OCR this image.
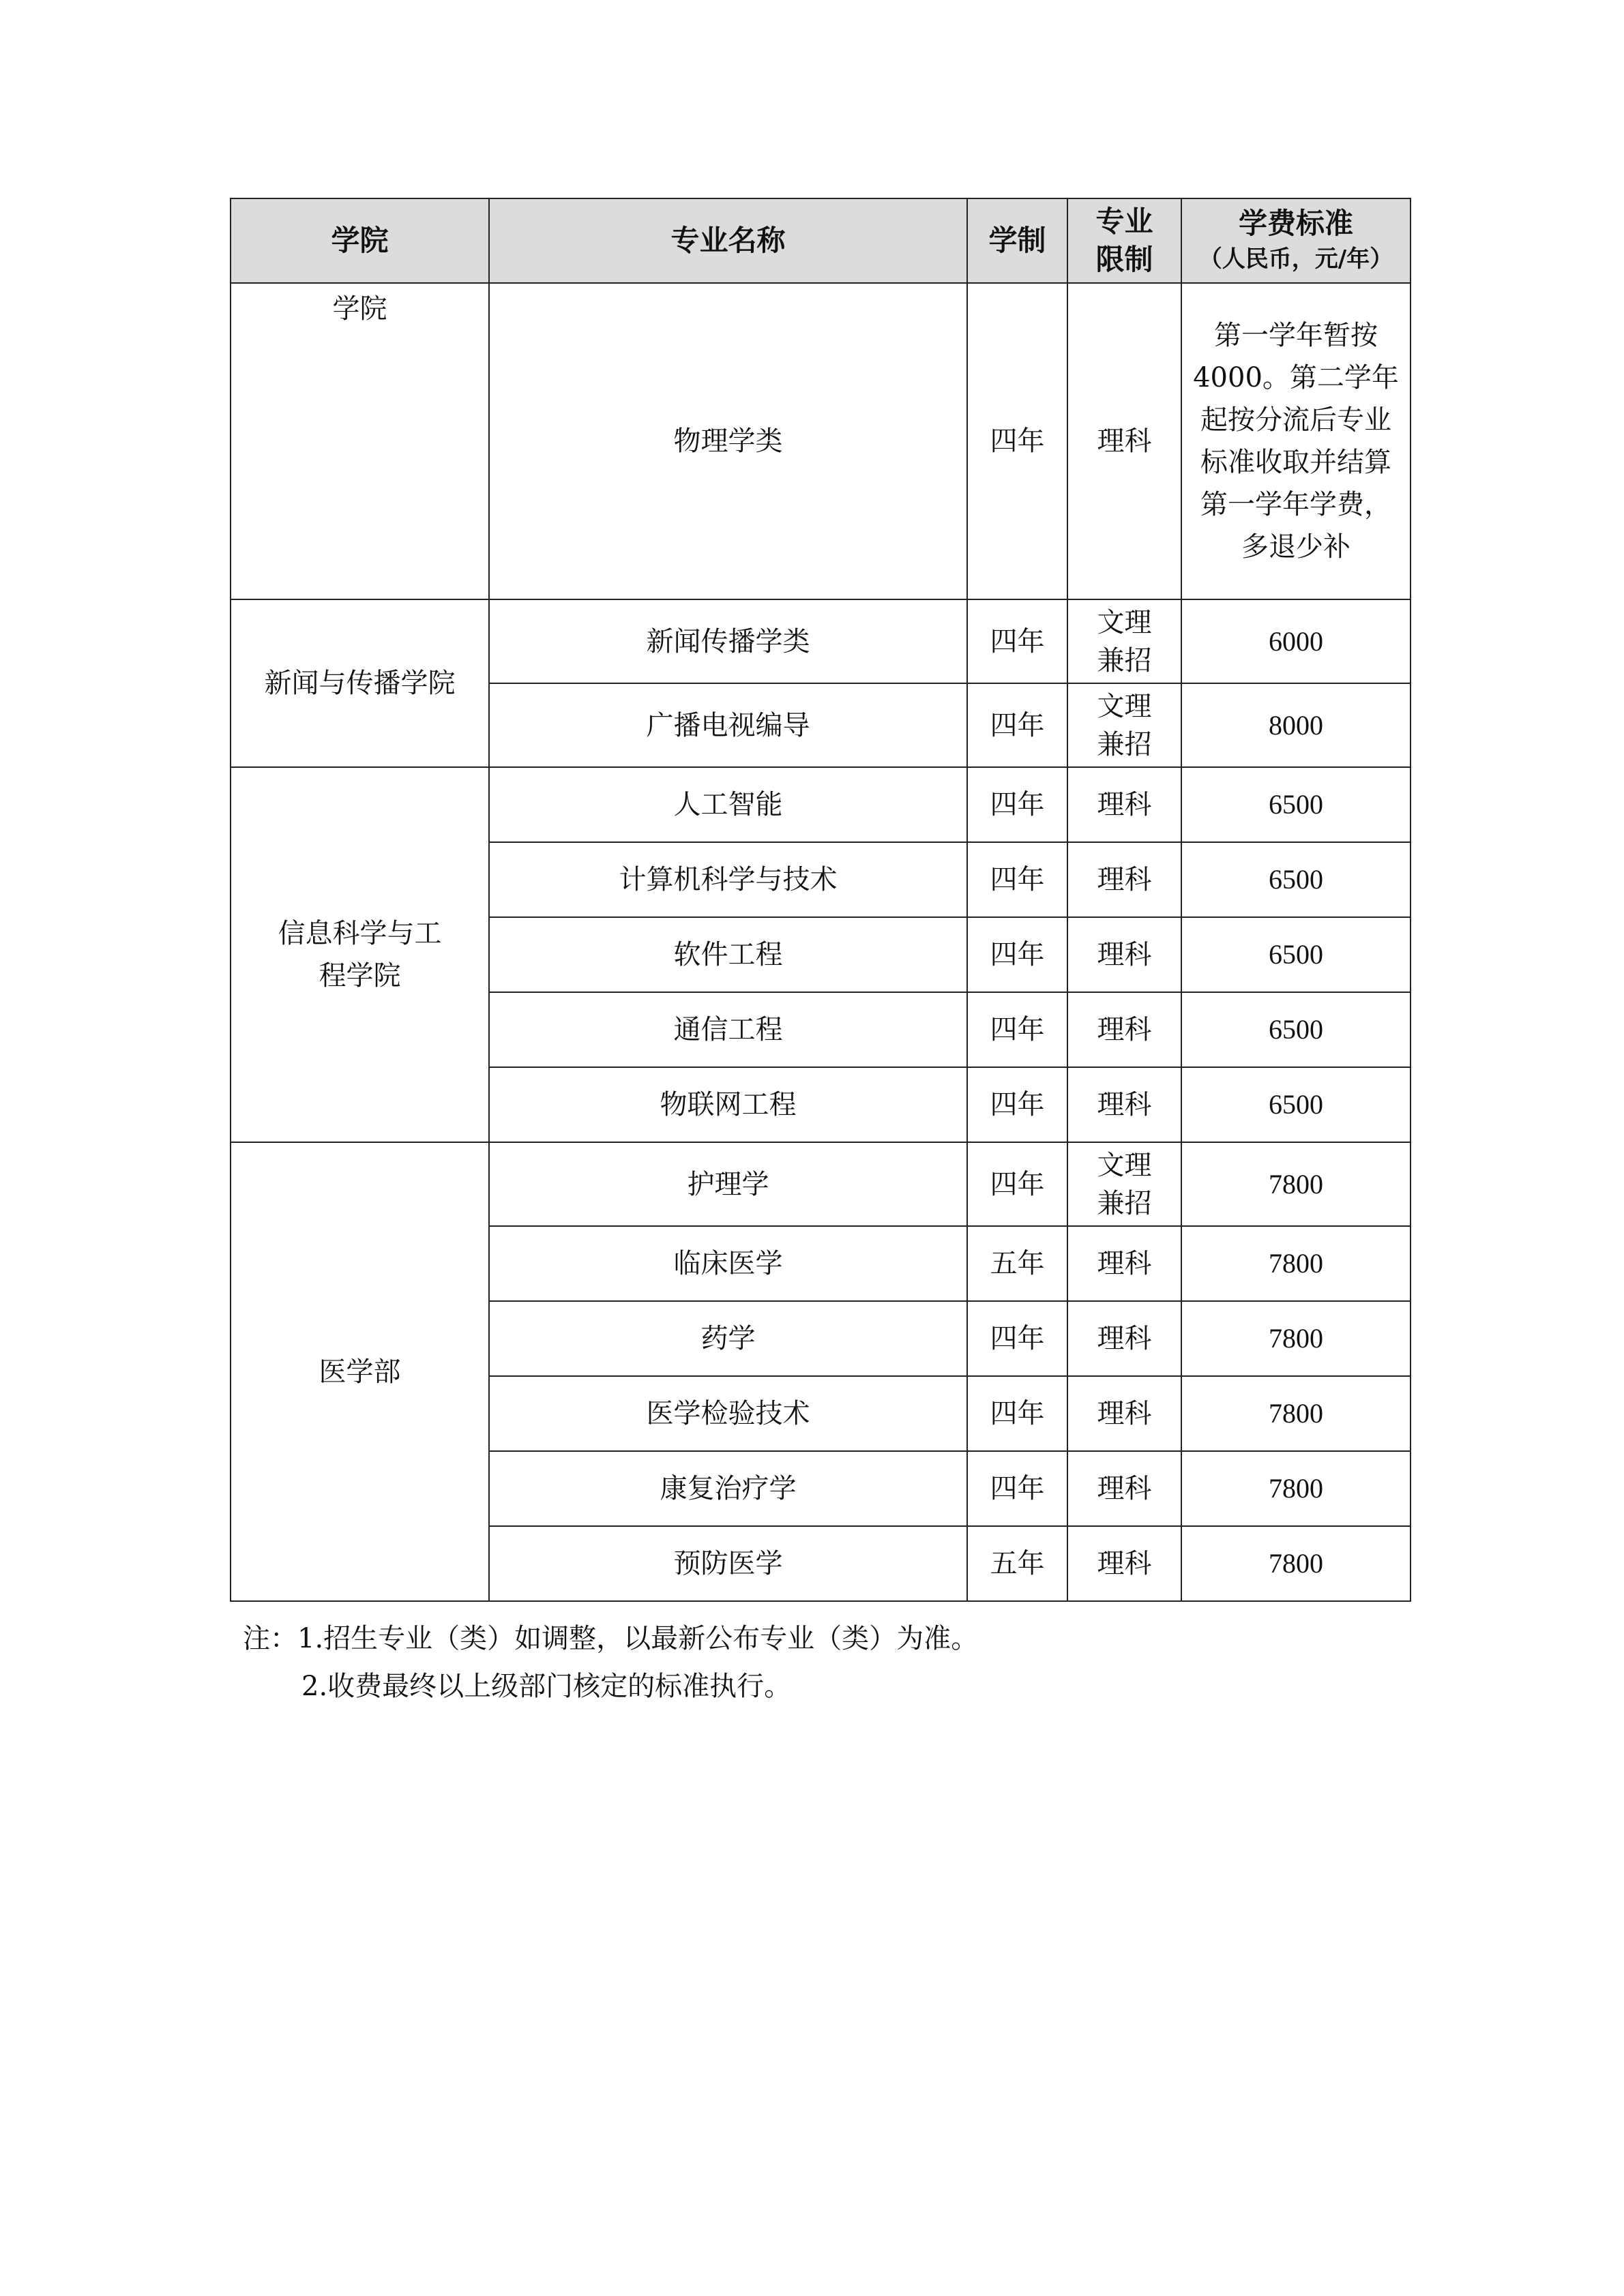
学院	专业名称	学制	专业限制	学费标准
（人民币，元/年）

学院	物理学类	四年	理科	第一学年暂按4000。第二学年起按分流后专业标准收取并结算第一学年学费，多退少补
新闻与传播学院	新闻传播学类	四年	文理兼招	6000
	广播电视编导	四年	文理兼招	8000

信息科学与工程学院	人工智能	四年	理科	6500
	计算机科学与技术	四年	理科	6500
	软件工程	四年	理科	6500
	通信工程	四年	理科	6500
	物联网工程	四年	理科	6500
医学部	护理学	四年	文理兼招	7800
	临床医学	五年	理科	7800
	药学	四年	理科	7800
	医学检验技术	四年	理科	7800
	康复治疗学	四年	理科	7800
	预防医学	五年	理科	7800
注：1.招生专业（类）如调整，以最新公布专业（类）为准。
2.收费最终以上级部门核定的标准执行。
